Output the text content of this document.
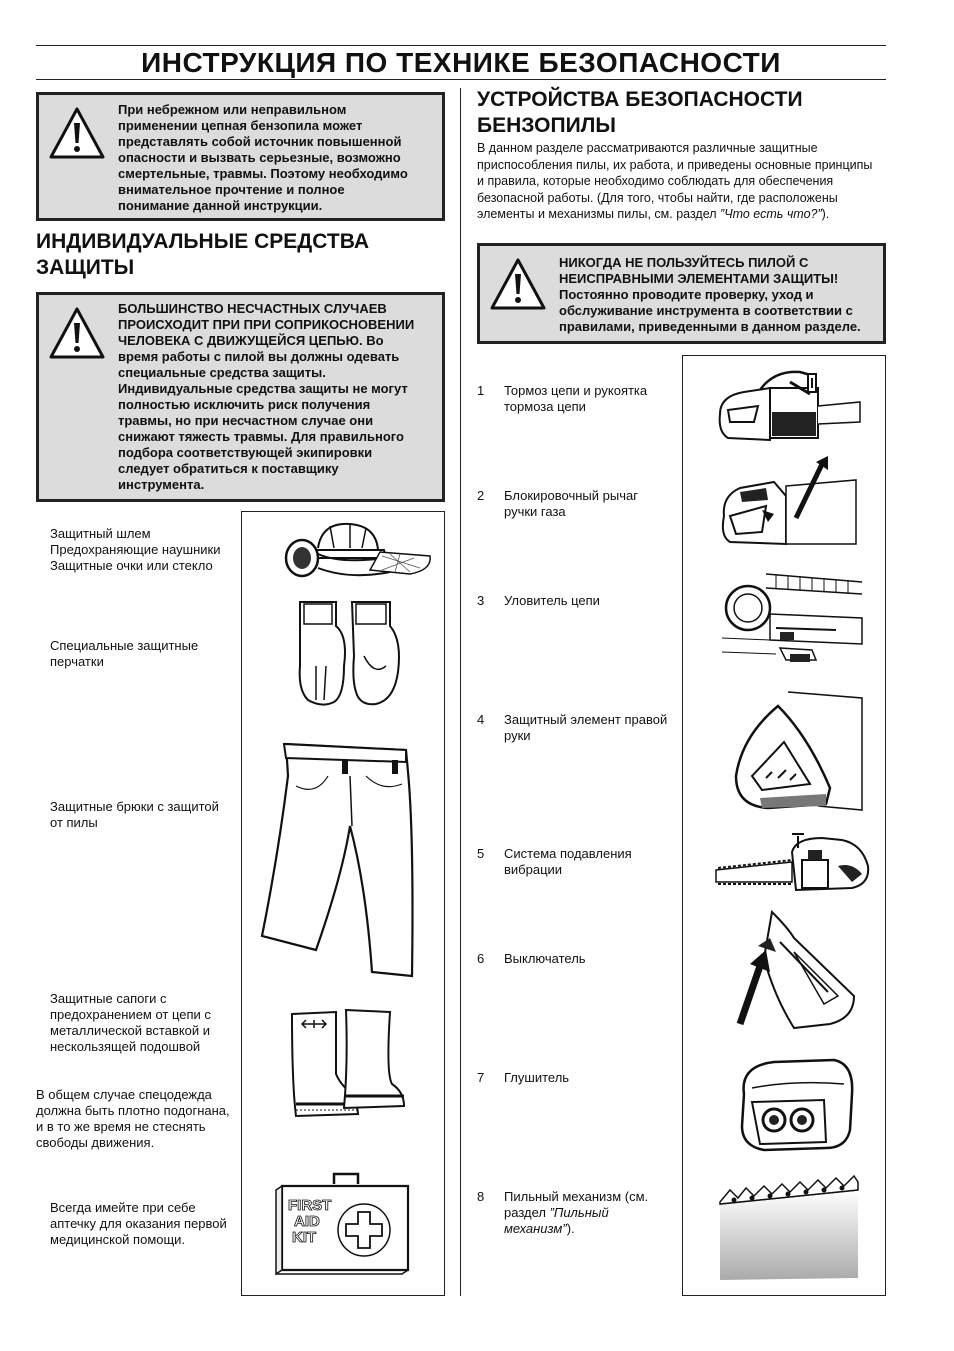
ИНСТРУКЦИЯ ПО ТЕХНИКЕ БЕЗОПАСНОСТИ
При небрежном или неправильном
применении цепная бензопила может
представлять собой источник повышенной
опасности и вызвать серьезные, возможно
смертельные, травмы. Поэтому необходимо
внимательное прочтение и полное
понимание данной инструкции.
ИНДИВИДУАЛЬНЫЕ СРЕДСТВА
ЗАЩИТЫ
БОЛЬШИНСТВО НЕСЧАСТНЫХ СЛУЧАЕВ
ПРОИСХОДИТ ПРИ ПРИ СОПРИКОСНОВЕНИИ
ЧЕЛОВЕКА С ДВИЖУЩЕЙСЯ ЦЕПЬЮ. Во
время работы с пилой вы должны одевать
специальные средства защиты.
Индивидуальные средства защиты не могут
полностью исключить риск получения
травмы, но при несчастном случае они
снижают тяжесть травмы. Для правильного
подбора соответствующей экипировки
следует обратиться к поставщику
инструмента.
Защитный шлем
Предохраняющие наушники
Защитные очки или стекло
Специальные защитные
перчатки
Защитные брюки с защитой
от пилы
Защитные сапоги с
предохранением от цепи с
металлической вставкой и
нескользящей подошвой
В общем случае спецодежда
должна быть плотно подогнана,
и в то же время не стеснять
свободы движения.
Всегда имейте при себе
аптечку для оказания первой
медицинской помощи.
FIRST
AID
KIT
УСТРОЙСТВА БЕЗОПАСНОСТИ
БЕНЗОПИЛЫ
В данном разделе рассматриваются различные защитные
приспособления пилы, их работа, и приведены основные принципы
и правила, которые необходимо соблюдать для обеспечения
безопасной работы. (Для того, чтобы найти, где расположены
элементы и механизмы пилы, см. раздел ”Что есть что?”).
НИКОГДА НЕ ПОЛЬЗУЙТЕСЬ ПИЛОЙ С
НЕИСПРАВНЫМИ ЭЛЕМЕНТАМИ ЗАЩИТЫ!
Постоянно проводите проверку, уход и
обслуживание инструмента в соответствии с
правилами, приведенными в данном разделе.
1 Тормоз цепи и рукоятка
тормоза цепи
2 Блокировочный рычаг
ручки газа
3 Уловитель цепи
4 Защитный элемент правой
руки
5 Система подавления
вибрации
6 Выключатель
7 Глушитель
8 Пильный механизм (см.
раздел ”Пильный
механизм”).
